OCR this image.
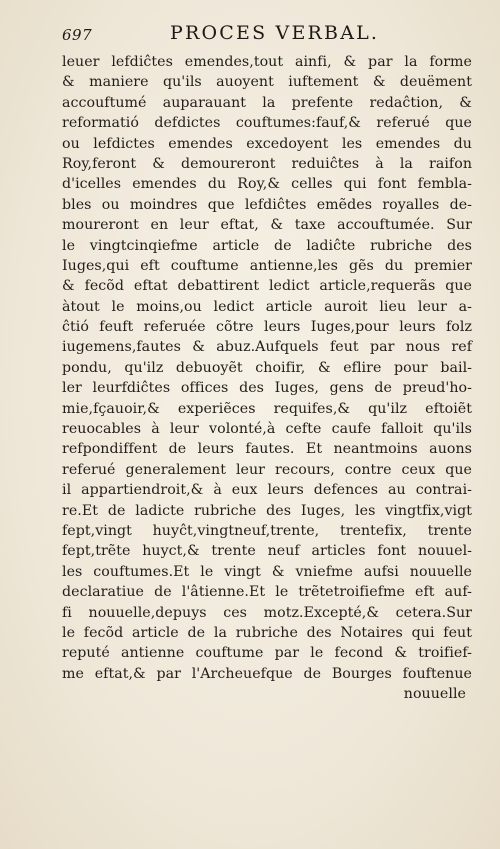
697	PROCES VERBAL.
leuer lefdiĉtes emendes,tout ainfi, & par la forme
& maniere qu'ils auoyent iuftement & deuëment
accouftumé auparauant la prefente redaĉtion, &
reformatió defdictes couftumes:fauf,& referué que
ou lefdictes emendes excedoyent les emendes du
Roy,feront & demoureront reduiĉtes à la raifon
d'icelles emendes du Roy,& celles qui font fembla-
bles ou moindres que lefdiĉtes emẽdes royalles de-
moureront en leur eftat, & taxe accouftumée. Sur
le vingtcinqiefme article de ladiĉte rubriche des
Iuges,qui eft couftume antienne,les gẽs du premier
& fecõd eftat debattirent ledict article,requerãs que
àtout le moins,ou ledict article auroit lieu leur a-
ĉtió feuft referuée cõtre leurs Iuges,pour leurs folz
iugemens,fautes & abuz.Aufquels feut par nous ref
pondu, qu'ilz debuoyẽt choifir, & eflire pour bail-
ler leurfdiĉtes offices des Iuges, gens de preud'ho-
mie,fçauoir,& experiẽces requifes,& qu'ilz eftoiẽt
reuocables à leur volonté,à cefte caufe falloit qu'ils
refpondiffent de leurs fautes. Et neantmoins auons
referué generalement leur recours, contre ceux que
il appartiendroit,& à eux leurs defences au contrai-
re.Et de ladicte rubriche des Iuges, les vingtfix,vigt
fept,vingt huyĉt,vingtneuf,trente, trentefix, trente
fept,trẽte huyct,& trente neuf articles font nouuel-
les couftumes.Et le vingt & vniefme aufsi nouuelle
declaratiue de l'âtienne.Et le trẽtetroifiefme eft auf-
fi nouuelle,depuys ces motz.Excepté,& cetera.Sur
le fecõd article de la rubriche des Notaires qui feut
reputé antienne couftume par le fecond & troifief-
me eftat,& par l'Archeuefque de Bourges fouftenue
nouuelle
